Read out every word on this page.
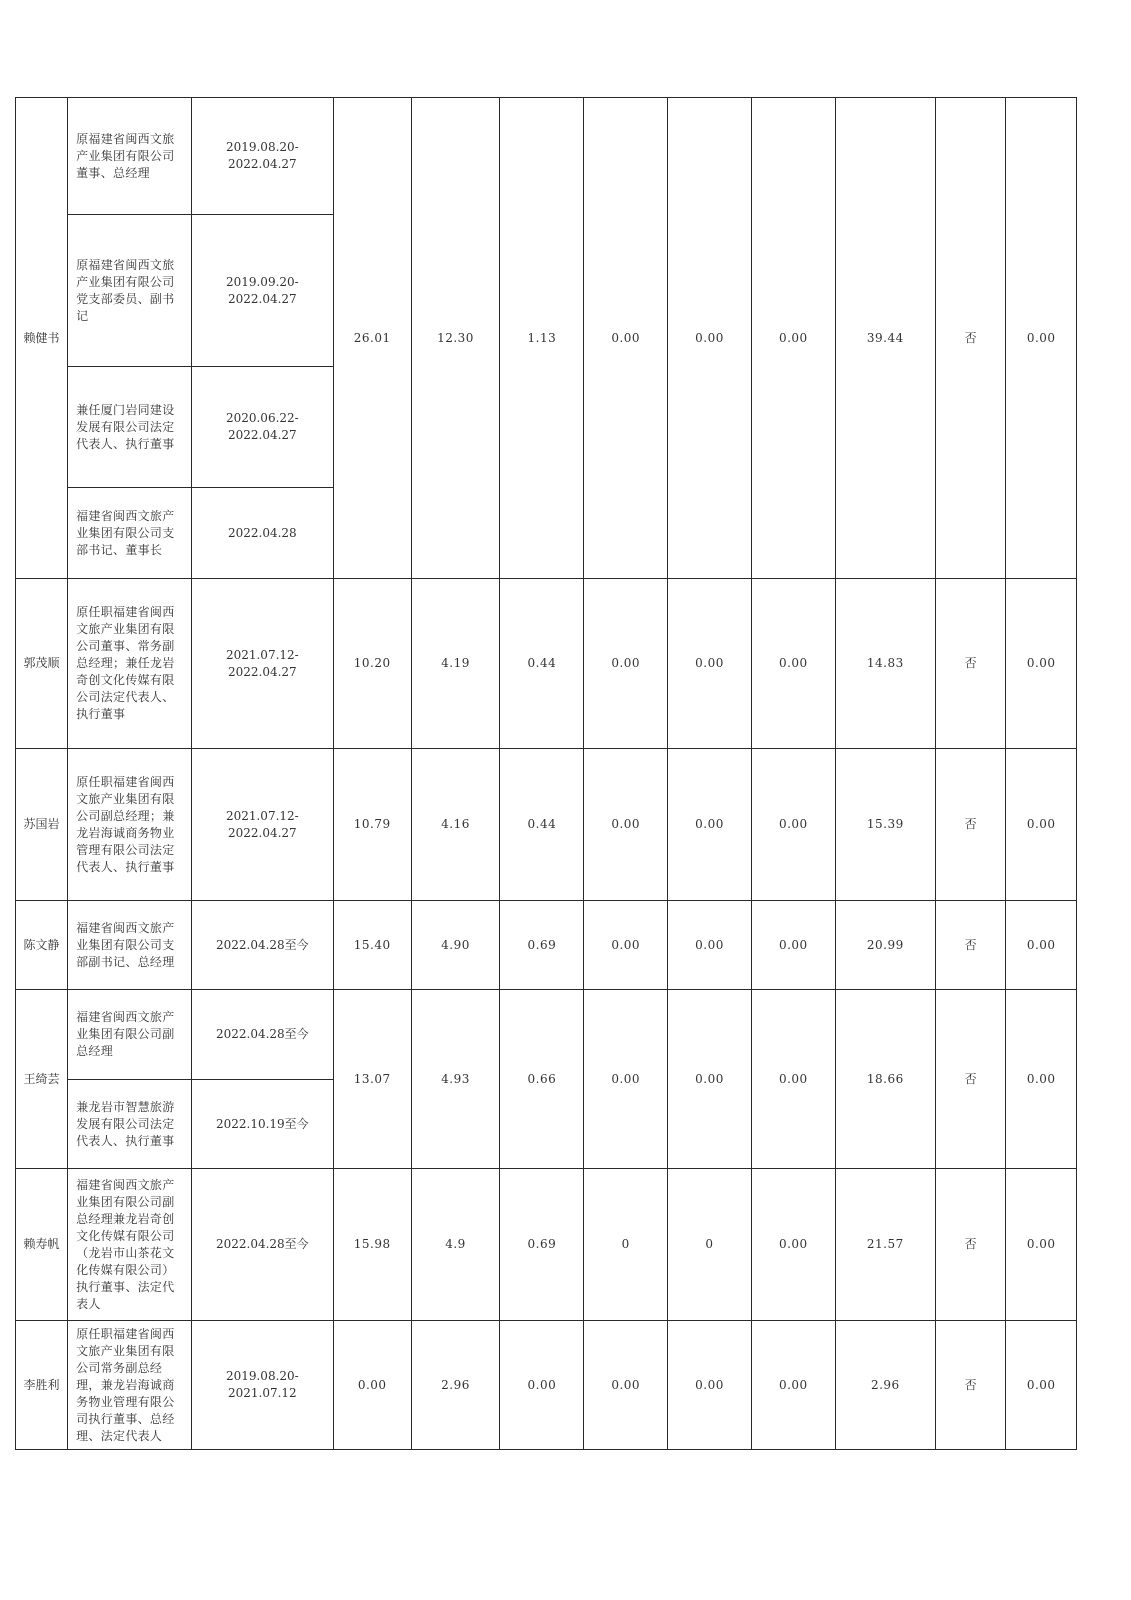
赖健书	原福建省闽西文旅产业集团有限公司董事、总经理	2019.08.20-
2022.04.27	26.01	12.30	1.13	0.00	0.00	0.00	39.44	否	0.00
	原福建省闽西文旅产业集团有限公司党支部委员、副书记	2019.09.20-
2022.04.27									
	兼任厦门岩同建设发展有限公司法定代表人、执行董事	2020.06.22-
2022.04.27									
	福建省闽西文旅产业集团有限公司支部书记、董事长	2022.04.28									
郭茂顺	原任职福建省闽西文旅产业集团有限公司董事、常务副总经理；兼任龙岩奇创文化传媒有限公司法定代表人、执行董事	2021.07.12-
2022.04.27	10.20	4.19	0.44	0.00	0.00	0.00	14.83	否	0.00
苏国岩	原任职福建省闽西文旅产业集团有限公司副总经理；兼龙岩海诚商务物业管理有限公司法定代表人、执行董事	2021.07.12-
2022.04.27	10.79	4.16	0.44	0.00	0.00	0.00	15.39	否	0.00
陈文静	福建省闽西文旅产业集团有限公司支部副书记、总经理	2022.04.28至今	15.40	4.90	0.69	0.00	0.00	0.00	20.99	否	0.00
王绮芸	福建省闽西文旅产业集团有限公司副总经理	2022.04.28至今	13.07	4.93	0.66	0.00	0.00	0.00	18.66	否	0.00
	兼龙岩市智慧旅游发展有限公司法定代表人、执行董事	2022.10.19至今									
赖寿帆	福建省闽西文旅产业集团有限公司副总经理兼龙岩奇创文化传媒有限公司（龙岩市山茶花文化传媒有限公司）执行董事、法定代表人	2022.04.28至今	15.98	4.9	0.69	0	0	0.00	21.57	否	0.00
李胜利	原任职福建省闽西文旅产业集团有限公司常务副总经理，兼龙岩海诚商务物业管理有限公司执行董事、总经理、法定代表人	2019.08.20-
2021.07.12	0.00	2.96	0.00	0.00	0.00	0.00	2.96	否	0.00
